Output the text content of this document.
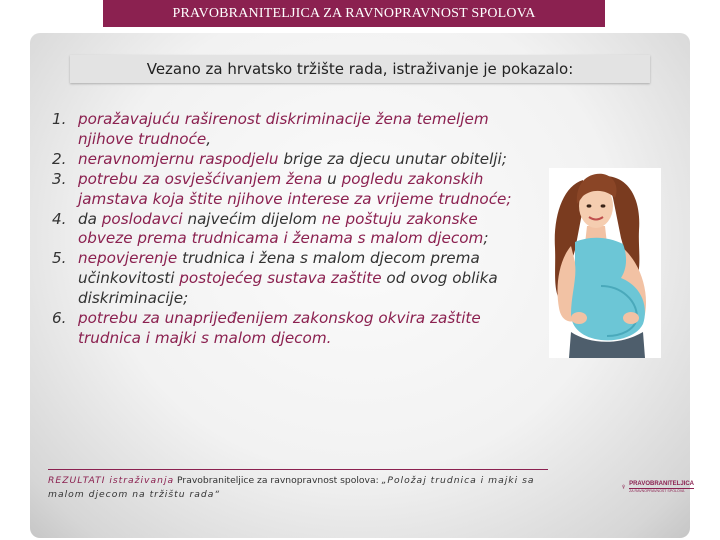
PRAVOBRANITELJICA ZA RAVNOPRAVNOST SPOLOVA
Vezano za hrvatsko tržište rada, istraživanje je pokazalo:
1. poražavajuću raširenost diskriminacije žena temeljem njihove trudnoće,
2. neravnomjernu raspodjelu brige za djecu unutar obitelji;
3. potrebu za osvješćivanjem žena u pogledu zakonskih jamstava koja štite njihove interese za vrijeme trudnoće;
4. da poslodavci najvećim dijelom ne poštuju zakonske obveze prema trudnicama i ženama s malom djecom;
5. nepovjerenje trudnica i žena s malom djecom prema učinkovitosti postojećeg sustava zaštite od ovog oblika diskriminacije;
6. potrebu za unaprijeđenijem zakonskog okvira zaštite trudnica i majki s malom djecom.
REZULTATI istraživanja Pravobraniteljice za ravnopravnost spolova: „Položaj trudnica i majki sa malom djecom na tržištu rada“
PRAVOBRANITELJICA
ZA RAVNOPRAVNOST SPOLOVA
